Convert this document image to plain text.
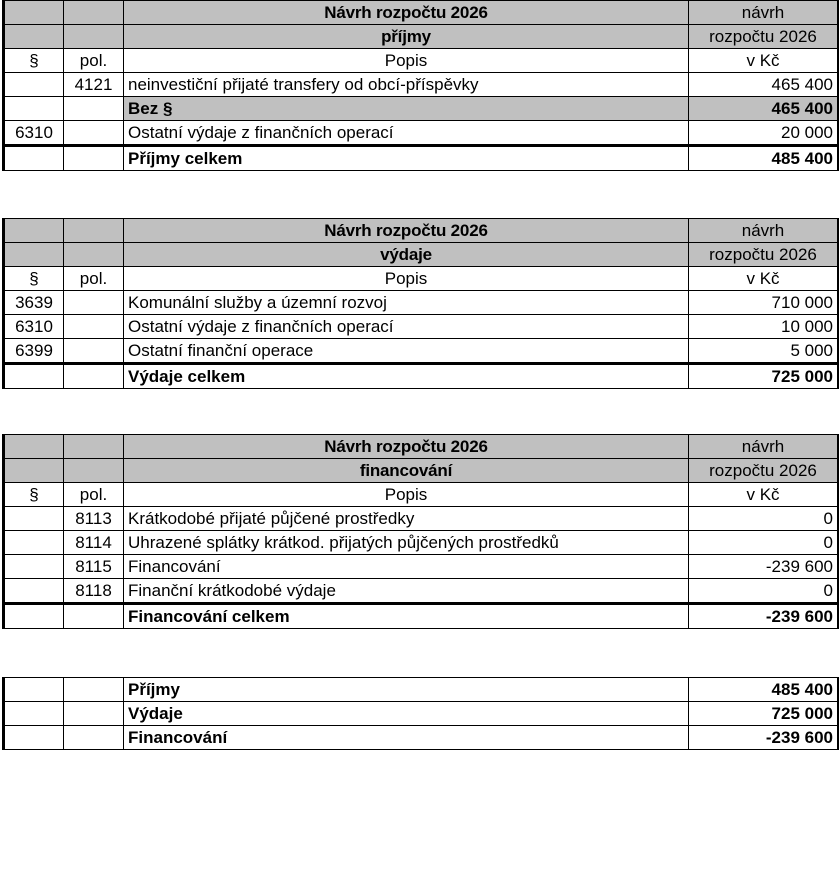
		Návrh rozpočtu 2026	návrh
		příjmy	rozpočtu 2026
§	pol.	Popis	v Kč
	4121	neinvestiční přijaté transfery od obcí-příspěvky	465 400
		Bez §	465 400
6310		Ostatní výdaje z finančních operací	20 000
		Příjmy celkem	485 400
		Návrh rozpočtu 2026	návrh
		výdaje	rozpočtu 2026
§	pol.	Popis	v Kč
3639		Komunální služby a územní rozvoj	710 000
6310		Ostatní výdaje z finančních operací	10 000
6399		Ostatní finanční operace	5 000
		Výdaje celkem	725 000
		Návrh rozpočtu 2026	návrh
		financování	rozpočtu 2026
§	pol.	Popis	v Kč
	8113	Krátkodobé přijaté půjčené prostředky	0
	8114	Uhrazené splátky krátkod. přijatých půjčených prostředků	0
	8115	Financování	-239 600
	8118	Finanční krátkodobé výdaje	0
		Financování celkem	-239 600
		Příjmy	485 400
		Výdaje	725 000
		Financování	-239 600
